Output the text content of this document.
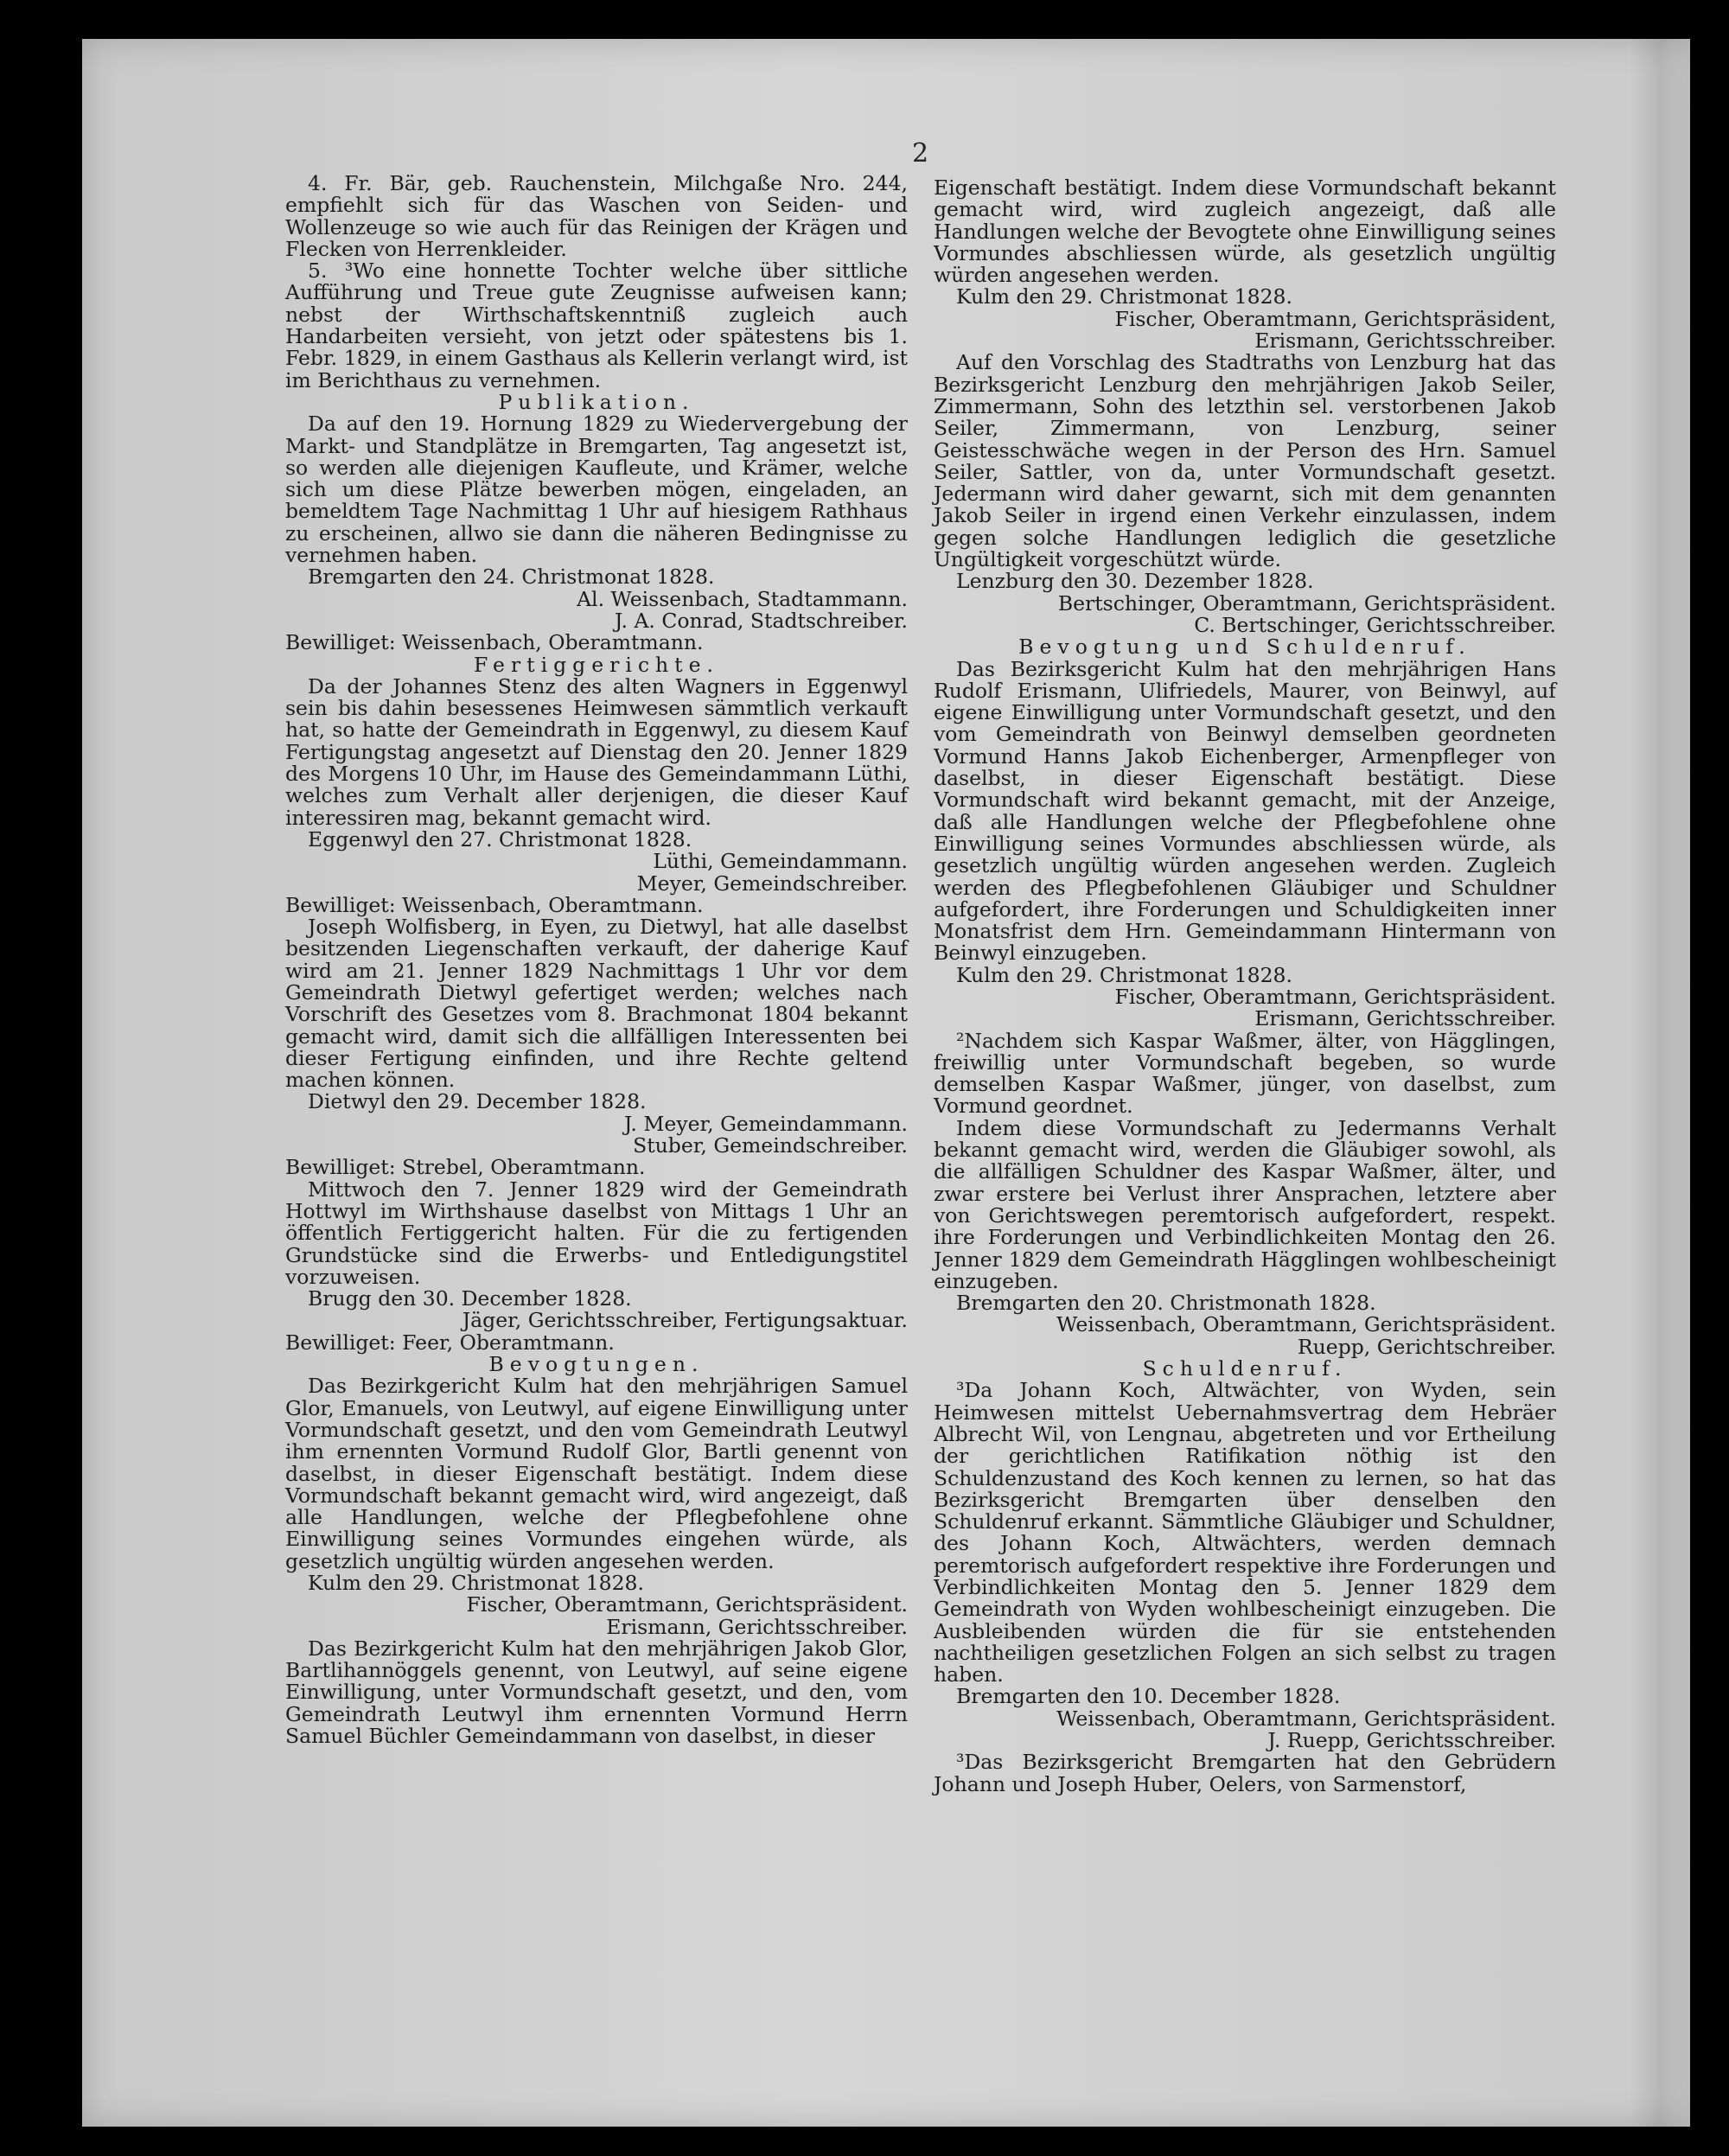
2

4. Fr. Bär, geb. Rauchenstein, Milchgaße Nro. 244, empfiehlt sich für das Waschen von Seiden- und Wollenzeuge so wie auch für das Reinigen der Krägen und Flecken von Herrenkleider.

5. ³Wo eine honnette Tochter welche über sittliche Aufführung und Treue gute Zeugnisse aufweisen kann; nebst der Wirthschaftskenntniß zugleich auch Handarbeiten versieht, von jetzt oder spätestens bis 1. Febr. 1829, in einem Gasthaus als Kellerin verlangt wird, ist im Berichthaus zu vernehmen.

Publikation.

Da auf den 19. Hornung 1829 zu Wiedervergebung der Markt- und Standplätze in Bremgarten, Tag angesetzt ist, so werden alle diejenigen Kaufleute, und Krämer, welche sich um diese Plätze bewerben mögen, eingeladen, an bemeldtem Tage Nachmittag 1 Uhr auf hiesigem Rathhaus zu erscheinen, allwo sie dann die näheren Bedingnisse zu vernehmen haben.

Bremgarten den 24. Christmonat 1828.

Al. Weissenbach, Stadtammann.

J. A. Conrad, Stadtschreiber.

Bewilliget: Weissenbach, Oberamtmann.

Fertiggerichte.

Da der Johannes Stenz des alten Wagners in Eggenwyl sein bis dahin besessenes Heimwesen sämmtlich verkauft hat, so hatte der Gemeindrath in Eggenwyl, zu diesem Kauf Fertigungstag angesetzt auf Dienstag den 20. Jenner 1829 des Morgens 10 Uhr, im Hause des Gemeindammann Lüthi, welches zum Verhalt aller derjenigen, die dieser Kauf interessiren mag, bekannt gemacht wird.

Eggenwyl den 27. Christmonat 1828.

Lüthi, Gemeindammann.

Meyer, Gemeindschreiber.

Bewilliget: Weissenbach, Oberamtmann.

Joseph Wolfisberg, in Eyen, zu Dietwyl, hat alle daselbst besitzenden Liegenschaften verkauft, der daherige Kauf wird am 21. Jenner 1829 Nachmittags 1 Uhr vor dem Gemeindrath Dietwyl gefertiget werden; welches nach Vorschrift des Gesetzes vom 8. Brachmonat 1804 bekannt gemacht wird, damit sich die allfälligen Interessenten bei dieser Fertigung einfinden, und ihre Rechte geltend machen können.

Dietwyl den 29. December 1828.

J. Meyer, Gemeindammann.

Stuber, Gemeindschreiber.

Bewilliget: Strebel, Oberamtmann.

Mittwoch den 7. Jenner 1829 wird der Gemeindrath Hottwyl im Wirthshause daselbst von Mittags 1 Uhr an öffentlich Fertiggericht halten. Für die zu fertigenden Grundstücke sind die Erwerbs- und Entledigungstitel vorzuweisen.

Brugg den 30. December 1828.

Jäger, Gerichtsschreiber, Fertigungsaktuar.

Bewilliget: Feer, Oberamtmann.

Bevogtungen.

Das Bezirkgericht Kulm hat den mehrjährigen Samuel Glor, Emanuels, von Leutwyl, auf eigene Einwilligung unter Vormundschaft gesetzt, und den vom Gemeindrath Leutwyl ihm ernennten Vormund Rudolf Glor, Bartli genennt von daselbst, in dieser Eigenschaft bestätigt. Indem diese Vormundschaft bekannt gemacht wird, wird angezeigt, daß alle Handlungen, welche der Pflegbefohlene ohne Einwilligung seines Vormundes eingehen würde, als gesetzlich ungültig würden angesehen werden.

Kulm den 29. Christmonat 1828.

Fischer, Oberamtmann, Gerichtspräsident.

Erismann, Gerichtsschreiber.

Das Bezirkgericht Kulm hat den mehrjährigen Jakob Glor, Bartlihannöggels genennt, von Leutwyl, auf seine eigene Einwilligung, unter Vormundschaft gesetzt, und den, vom Gemeindrath Leutwyl ihm ernennten Vormund Herrn Samuel Büchler Gemeindammann von daselbst, in dieser

Eigenschaft bestätigt. Indem diese Vormundschaft bekannt gemacht wird, wird zugleich angezeigt, daß alle Handlungen welche der Bevogtete ohne Einwilligung seines Vormundes abschliessen würde, als gesetzlich ungültig würden angesehen werden.

Kulm den 29. Christmonat 1828.

Fischer, Oberamtmann, Gerichtspräsident,

Erismann, Gerichtsschreiber.

Auf den Vorschlag des Stadtraths von Lenzburg hat das Bezirksgericht Lenzburg den mehrjährigen Jakob Seiler, Zimmermann, Sohn des letzthin sel. verstorbenen Jakob Seiler, Zimmermann, von Lenzburg, seiner Geistesschwäche wegen in der Person des Hrn. Samuel Seiler, Sattler, von da, unter Vormundschaft gesetzt. Jedermann wird daher gewarnt, sich mit dem genannten Jakob Seiler in irgend einen Verkehr einzulassen, indem gegen solche Handlungen lediglich die gesetzliche Ungültigkeit vorgeschützt würde.

Lenzburg den 30. Dezember 1828.

Bertschinger, Oberamtmann, Gerichtspräsident.

C. Bertschinger, Gerichtsschreiber.

Bevogtung und Schuldenruf.

Das Bezirksgericht Kulm hat den mehrjährigen Hans Rudolf Erismann, Ulifriedels, Maurer, von Beinwyl, auf eigene Einwilligung unter Vormundschaft gesetzt, und den vom Gemeindrath von Beinwyl demselben geordneten Vormund Hanns Jakob Eichenberger, Armenpfleger von daselbst, in dieser Eigenschaft bestätigt. Diese Vormundschaft wird bekannt gemacht, mit der Anzeige, daß alle Handlungen welche der Pflegbefohlene ohne Einwilligung seines Vormundes abschliessen würde, als gesetzlich ungültig würden angesehen werden. Zugleich werden des Pflegbefohlenen Gläubiger und Schuldner aufgefordert, ihre Forderungen und Schuldigkeiten inner Monatsfrist dem Hrn. Gemeindammann Hintermann von Beinwyl einzugeben.

Kulm den 29. Christmonat 1828.

Fischer, Oberamtmann, Gerichtspräsident.

Erismann, Gerichtsschreiber.

²Nachdem sich Kaspar Waßmer, älter, von Hägglingen, freiwillig unter Vormundschaft begeben, so wurde demselben Kaspar Waßmer, jünger, von daselbst, zum Vormund geordnet.

Indem diese Vormundschaft zu Jedermanns Verhalt bekannt gemacht wird, werden die Gläubiger sowohl, als die allfälligen Schuldner des Kaspar Waßmer, älter, und zwar erstere bei Verlust ihrer Ansprachen, letztere aber von Gerichtswegen peremtorisch aufgefordert, respekt. ihre Forderungen und Verbindlichkeiten Montag den 26. Jenner 1829 dem Gemeindrath Hägglingen wohlbescheinigt einzugeben.

Bremgarten den 20. Christmonath 1828.

Weissenbach, Oberamtmann, Gerichtspräsident.

Ruepp, Gerichtschreiber.

Schuldenruf.

³Da Johann Koch, Altwächter, von Wyden, sein Heimwesen mittelst Uebernahmsvertrag dem Hebräer Albrecht Wil, von Lengnau, abgetreten und vor Ertheilung der gerichtlichen Ratifikation nöthig ist den Schuldenzustand des Koch kennen zu lernen, so hat das Bezirksgericht Bremgarten über denselben den Schuldenruf erkannt. Sämmtliche Gläubiger und Schuldner, des Johann Koch, Altwächters, werden demnach peremtorisch aufgefordert respektive ihre Forderungen und Verbindlichkeiten Montag den 5. Jenner 1829 dem Gemeindrath von Wyden wohlbescheinigt einzugeben. Die Ausbleibenden würden die für sie entstehenden nachtheiligen gesetzlichen Folgen an sich selbst zu tragen haben.

Bremgarten den 10. December 1828.

Weissenbach, Oberamtmann, Gerichtspräsident.

J. Ruepp, Gerichtsschreiber.

³Das Bezirksgericht Bremgarten hat den Gebrüdern Johann und Joseph Huber, Oelers, von Sarmenstorf,
